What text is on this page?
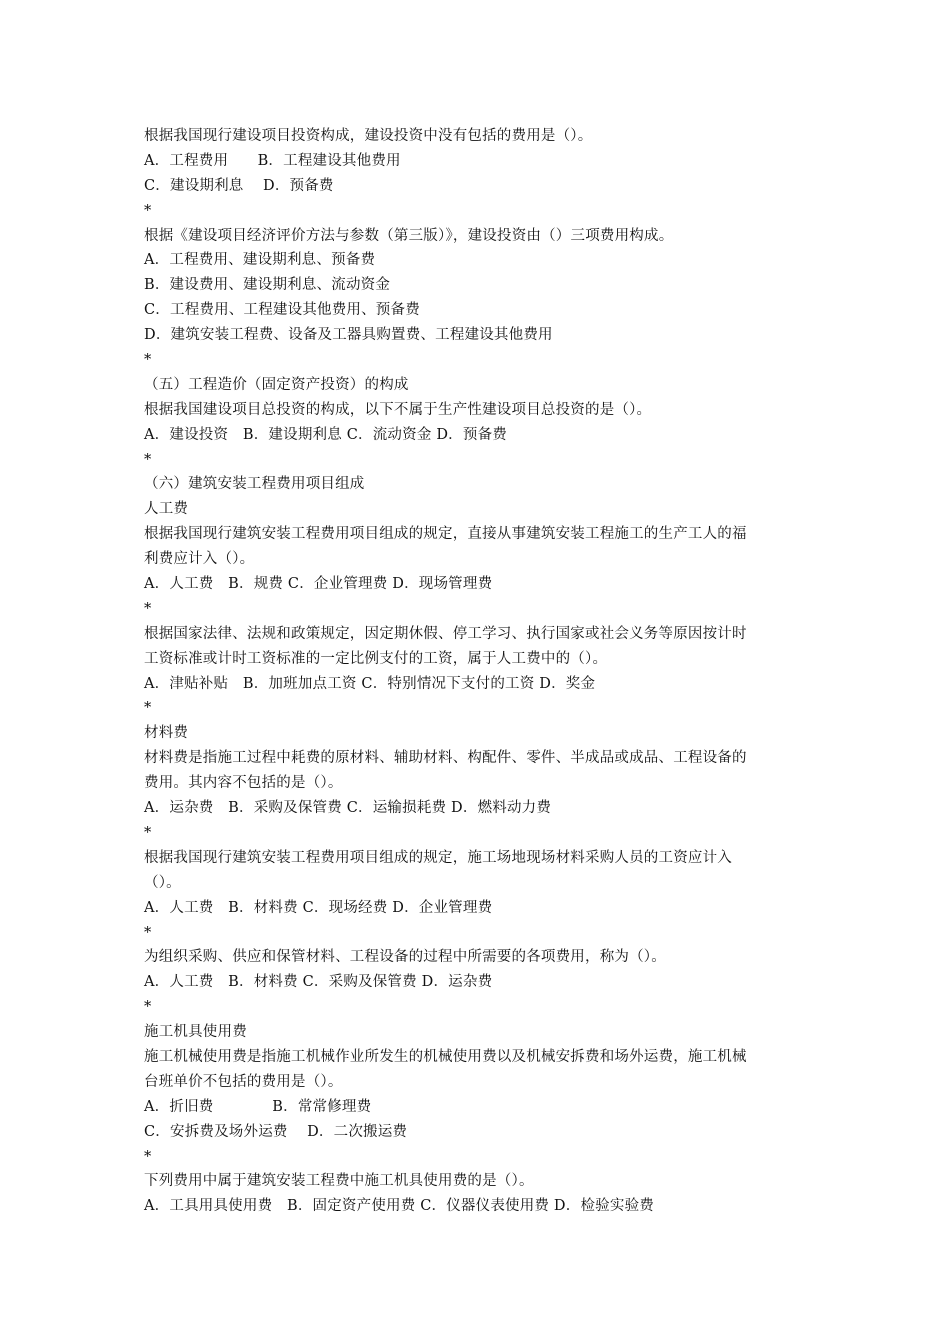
根据我国现行建设项目投资构成，建设投资中没有包括的费用是（）。
A．工程费用　　B．工程建设其他费用
C．建设期利息　 D．预备费
*
根据《建设项目经济评价方法与参数（第三版）》，建设投资由（）三项费用构成。
A．工程费用、建设期利息、预备费
B．建设费用、建设期利息、流动资金
C．工程费用、工程建设其他费用、预备费
D．建筑安装工程费、设备及工器具购置费、工程建设其他费用
*
（五）工程造价（固定资产投资）的构成
根据我国建设项目总投资的构成，以下不属于生产性建设项目总投资的是（）。
A．建设投资　B．建设期利息 C．流动资金 D．预备费
*
（六）建筑安装工程费用项目组成
人工费
根据我国现行建筑安装工程费用项目组成的规定，直接从事建筑安装工程施工的生产工人的福
利费应计入（）。
A．人工费　B．规费 C．企业管理费 D．现场管理费
*
根据国家法律、法规和政策规定，因定期休假、停工学习、执行国家或社会义务等原因按计时
工资标准或计时工资标准的一定比例支付的工资，属于人工费中的（）。
A．津贴补贴　B．加班加点工资 C．特别情况下支付的工资 D．奖金
*
材料费
材料费是指施工过程中耗费的原材料、辅助材料、构配件、零件、半成品或成品、工程设备的
费用。其内容不包括的是（）。
A．运杂费　B．采购及保管费 C．运输损耗费 D．燃料动力费
*
根据我国现行建筑安装工程费用项目组成的规定，施工场地现场材料采购人员的工资应计入
（）。
A．人工费　B．材料费 C．现场经费 D．企业管理费
*
为组织采购、供应和保管材料、工程设备的过程中所需要的各项费用，称为（）。
A．人工费　B．材料费 C．采购及保管费 D．运杂费
*
施工机具使用费
施工机械使用费是指施工机械作业所发生的机械使用费以及机械安拆费和场外运费，施工机械
台班单价不包括的费用是（）。
A．折旧费　　　　B．常常修理费
C．安拆费及场外运费　 D．二次搬运费
*
下列费用中属于建筑安装工程费中施工机具使用费的是（）。
A．工具用具使用费　B．固定资产使用费 C．仪器仪表使用费 D．检验实验费
